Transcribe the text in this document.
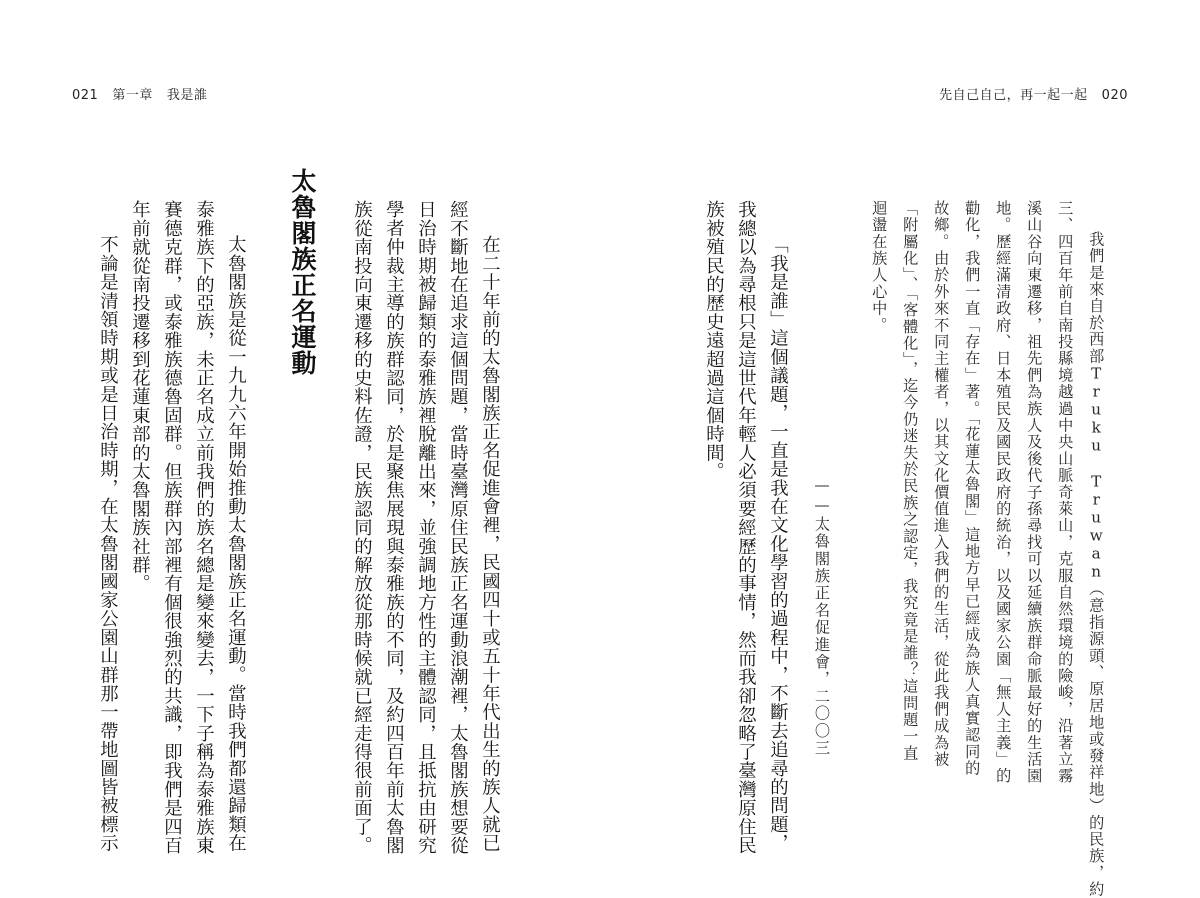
021 第一章 我是誰	先自己自己，再一起一起 020
我們是來自於西部Truku Truwan（意指源頭、原居地或發祥地）的民族，約
三、四百年前自南投縣境越過中央山脈奇萊山，克服自然環境的險峻，沿著立霧
溪山谷向東遷移，祖先們為族人及後代子孫尋找可以延續族群命脈最好的生活園
地。歷經滿清政府、日本殖民及國民政府的統治，以及國家公園「無人主義」的
勸化，我們一直「存在」著。「花蓮太魯閣」這地方早已經成為族人真實認同的
故鄉。由於外來不同主權者，以其文化價值進入我們的生活，從此我們成為被
「附屬化」、「客體化」，迄今仍迷失於民族之認定，我究竟是誰？這問題一直
迴盪在族人心中。
——太魯閣族正名促進會，二〇〇三
「我是誰」這個議題，一直是我在文化學習的過程中，不斷去追尋的問題，
我總以為尋根只是這世代年輕人必須要經歷的事情，然而我卻忽略了臺灣原住民
族被殖民的歷史遠超過這個時間。
在二十年前的太魯閣族正名促進會裡，民國四十或五十年代出生的族人就已
經不斷地在追求這個問題，當時臺灣原住民族正名運動浪潮裡，太魯閣族想要從
日治時期被歸類的泰雅族裡脫離出來，並強調地方性的主體認同，且抵抗由研究
學者仲裁主導的族群認同，於是聚焦展現與泰雅族的不同，及約四百年前太魯閣
族從南投向東遷移的史料佐證，民族認同的解放從那時候就已經走得很前面了。
太魯閣族正名運動
太魯閣族是從一九九六年開始推動太魯閣族正名運動。當時我們都還歸類在
泰雅族下的亞族，未正名成立前我們的族名總是變來變去，一下子稱為泰雅族東
賽德克群，或泰雅族德魯固群。但族群內部裡有個很強烈的共識，即我們是四百
年前就從南投遷移到花蓮東部的太魯閣族社群。
不論是清領時期或是日治時期，在太魯閣國家公園山群那一帶地圖皆被標示
